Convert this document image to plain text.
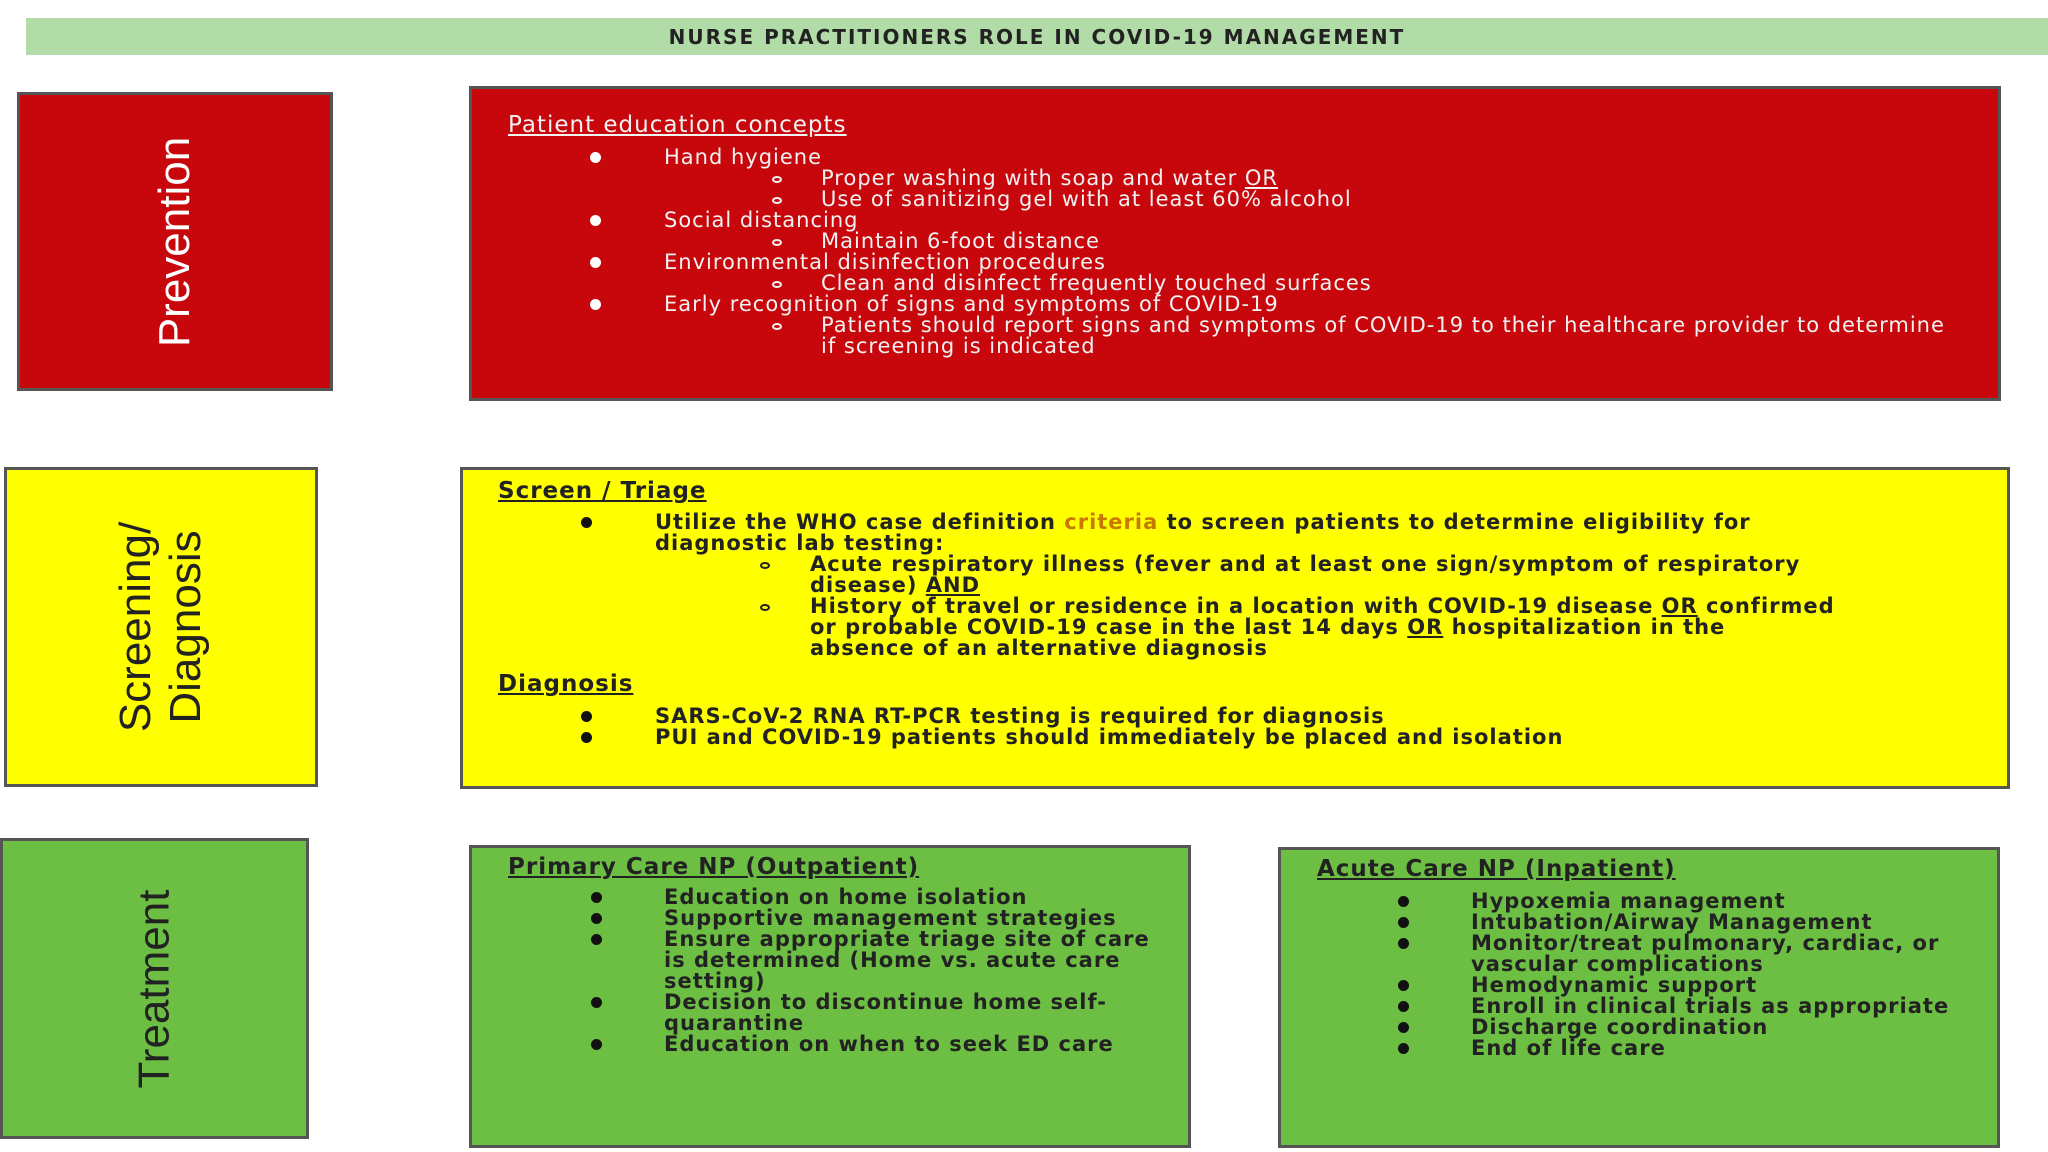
NURSE PRACTITIONERS ROLE IN COVID-19 MANAGEMENT
Prevention

Patient education concepts

Hand hygiene
Proper washing with soap and water OR
Use of sanitizing gel with at least 60% alcohol
Social distancing
Maintain 6-foot distance
Environmental disinfection procedures
Clean and disinfect frequently touched surfaces
Early recognition of signs and symptoms of COVID-19
Patients should report signs and symptoms of COVID-19 to their healthcare provider to determine if screening is indicated
Screening/
Diagnosis

Screen / Triage

Utilize the WHO case definition criteria to screen patients to determine eligibility for diagnostic lab testing:
Acute respiratory illness (fever and at least one sign/symptom of respiratory disease) AND
History of travel or residence in a location with COVID-19 disease OR confirmed or probable COVID-19 case in the last 14 days OR hospitalization in the absence of an alternative diagnosis

Diagnosis

SARS-CoV-2 RNA RT-PCR testing is required for diagnosis
PUI and COVID-19 patients should immediately be placed and isolation
Treatment

Primary Care NP (Outpatient)

Education on home isolation
Supportive management strategies
Ensure appropriate triage site of care is determined (Home vs. acute care setting)
Decision to discontinue home self-quarantine
Education on when to seek ED care

Acute Care NP (Inpatient)

Hypoxemia management
Intubation/Airway Management
Monitor/treat pulmonary, cardiac, or vascular complications
Hemodynamic support
Enroll in clinical trials as appropriate
Discharge coordination
End of life care
